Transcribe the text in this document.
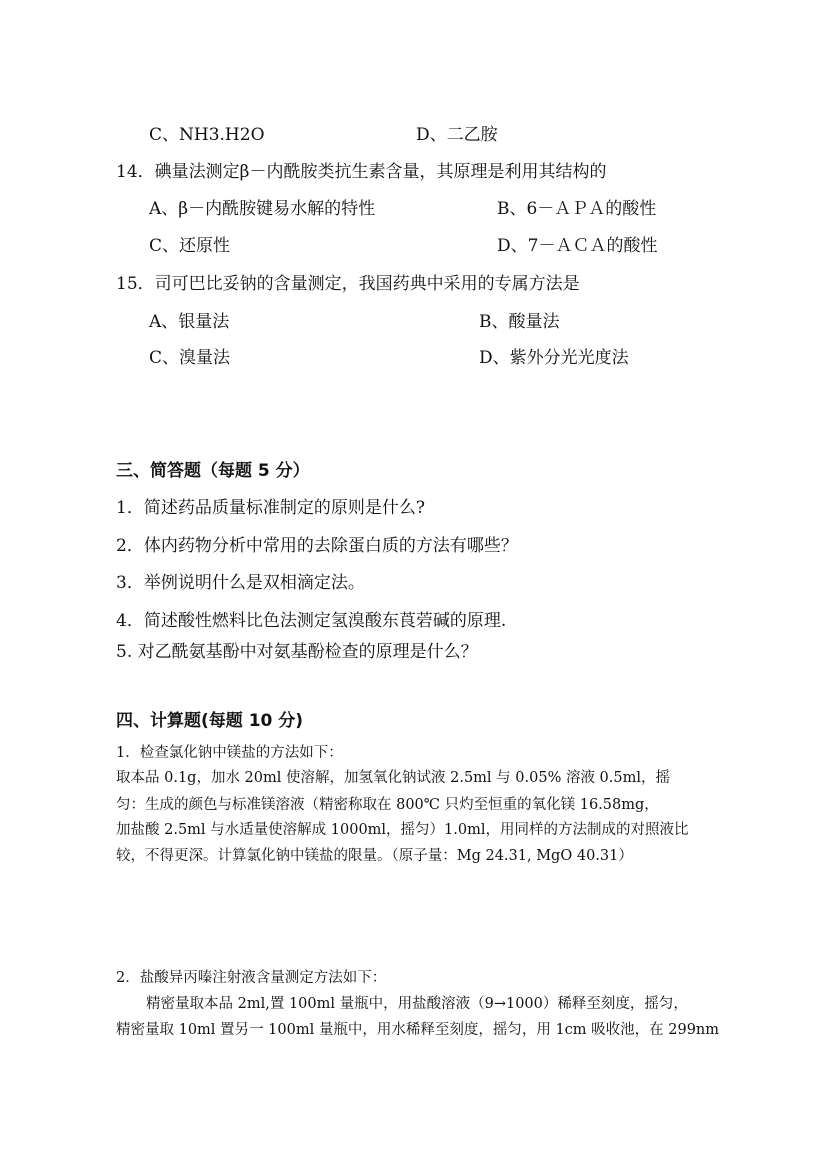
C、NH3.H2O	D、二乙胺
14．碘量法测定β－内酰胺类抗生素含量，其原理是利用其结构的
A、β－内酰胺键易水解的特性	B、6－ＡＰＡ的酸性
C、还原性	D、7－ＡＣＡ的酸性
15．司可巴比妥钠的含量测定，我国药典中采用的专属方法是
A、银量法	B、酸量法
C、溴量法	D、紫外分光光度法
三、简答题（每题 5 分）
1．简述药品质量标准制定的原则是什么?
2．体内药物分析中常用的去除蛋白质的方法有哪些？
3．举例说明什么是双相滴定法。
4．简述酸性燃料比色法测定氢溴酸东莨菪碱的原理.
5. 对乙酰氨基酚中对氨基酚检查的原理是什么？
四、计算题(每题 10 分)
1．检查氯化钠中镁盐的方法如下：
取本品 0.1g，加水 20ml 使溶解，加氢氧化钠试液 2.5ml 与 0.05% 溶液 0.5ml，摇
匀：生成的颜色与标准镁溶液（精密称取在 800℃ 只灼至恒重的氧化镁 16.58mg，
加盐酸 2.5ml 与水适量使溶解成 1000ml，摇匀）1.0ml，用同样的方法制成的对照液比
较，不得更深。计算氯化钠中镁盐的限量。（原子量：Mg 24.31, MgO 40.31）
2．盐酸异丙嗪注射液含量测定方法如下：
精密量取本品 2ml,置 100ml 量瓶中，用盐酸溶液（9→1000）稀释至刻度，摇匀，
精密量取 10ml 置另一 100ml 量瓶中，用水稀释至刻度，摇匀，用 1cm 吸收池，在 299nm
